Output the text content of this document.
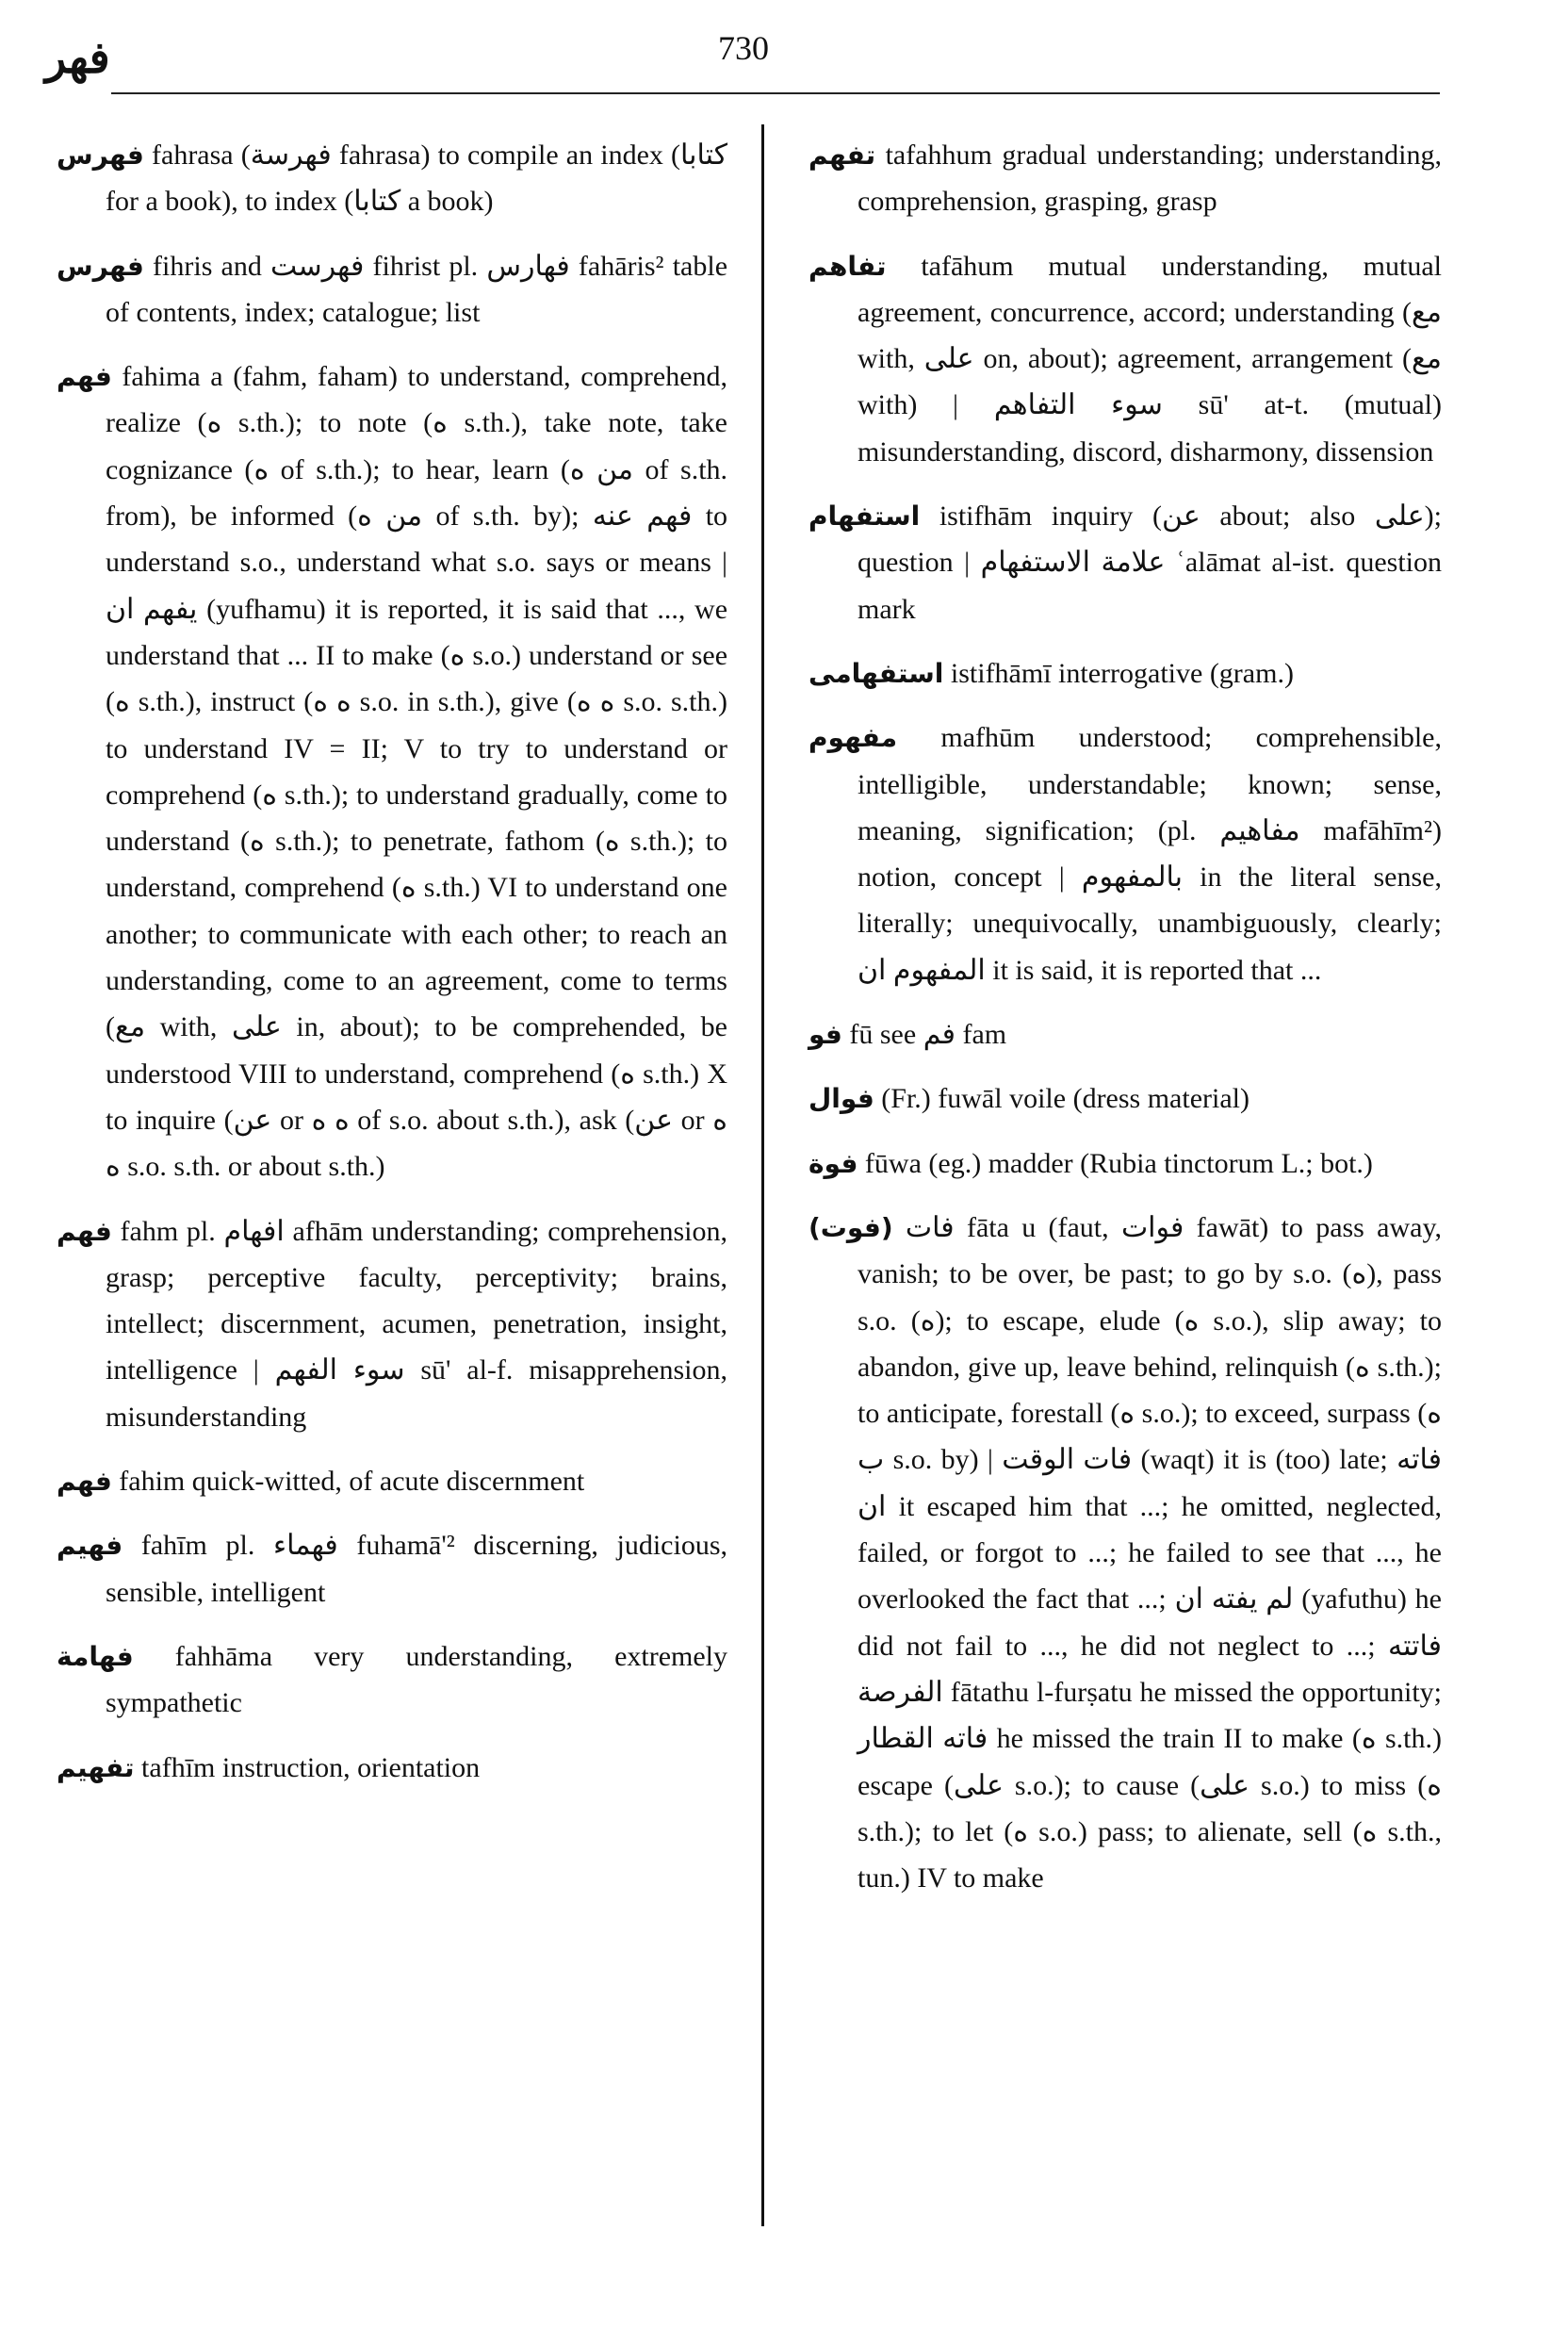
فهر	730

فهرس fahrasa (فهرسة fahrasa) to compile an index (كتابا for a book), to index (كتابا a book)

فهرس fihris and فهرست fihrist pl. فهارس fahāris² table of contents, index; catalogue; list

فهم fahima a (fahm, faham) to understand, comprehend, realize (ه s.th.); to note (ه s.th.), take note, take cognizance (ه of s.th.); to hear, learn (من ه of s.th. from), be informed (من ه of s.th. by); فهم عنه to understand s.o., understand what s.o. says or means | يفهم ان (yufhamu) it is reported, it is said that ..., we understand that ... II to make (ه s.o.) understand or see (ه s.th.), instruct (ه ه s.o. in s.th.), give (ه ه s.o. s.th.) to understand IV = II; V to try to understand or comprehend (ه s.th.); to understand gradually, come to understand (ه s.th.); to penetrate, fathom (ه s.th.); to understand, comprehend (ه s.th.) VI to understand one another; to communicate with each other; to reach an understanding, come to an agreement, come to terms (مع with, على in, about); to be comprehended, be understood VIII to understand, comprehend (ه s.th.) X to inquire (عن or ه ه of s.o. about s.th.), ask (عن or ه ه s.o. s.th. or about s.th.)

فهم fahm pl. افهام afhām understanding; comprehension, grasp; perceptive faculty, perceptivity; brains, intellect; discernment, acumen, penetration, insight, intelligence | سوء الفهم sū' al-f. misapprehension, misunderstanding

فهم fahim quick-witted, of acute discernment

فهيم fahīm pl. فهماء fuhamā'² discerning, judicious, sensible, intelligent

فهامة fahhāma very understanding, extremely sympathetic

تفهيم tafhīm instruction, orientation

تفهم tafahhum gradual understanding; understanding, comprehension, grasping, grasp

تفاهم tafāhum mutual understanding, mutual agreement, concurrence, accord; understanding (مع with, على on, about); agreement, arrangement (مع with) | سوء التفاهم sū' at-t. (mutual) misunderstanding, discord, disharmony, dissension

استفهام istifhām inquiry (عن about; also على); question | علامة الاستفهام ʿalāmat al-ist. question mark

استفهامى istifhāmī interrogative (gram.)

مفهوم mafhūm understood; comprehensible, intelligible, understandable; known; sense, meaning, signification; (pl. مفاهيم mafāhīm²) notion, concept | بالمفهوم in the literal sense, literally; unequivocally, unambiguously, clearly; المفهوم ان it is said, it is reported that ...

فو fū see فم fam

فوال (Fr.) fuwāl voile (dress material)

فوة fūwa (eg.) madder (Rubia tinctorum L.; bot.)

(فوت) فات fāta u (faut, فوات fawāt) to pass away, vanish; to be over, be past; to go by s.o. (ه), pass s.o. (ه); to escape, elude (ه s.o.), slip away; to abandon, give up, leave behind, relinquish (ه s.th.); to anticipate, forestall (ه s.o.); to exceed, surpass (ه ب s.o. by) | فات الوقت (waqt) it is (too) late; فاته ان it escaped him that ...; he omitted, neglected, failed, or forgot to ...; he failed to see that ..., he overlooked the fact that ...; لم يفته ان (yafuthu) he did not fail to ..., he did not neglect to ...; فاتته الفرصة fātathu l-furṣatu he missed the opportunity; فاته القطار he missed the train II to make (ه s.th.) escape (على s.o.); to cause (على s.o.) to miss (ه s.th.); to let (ه s.o.) pass; to alienate, sell (ه s.th., tun.) IV to make
